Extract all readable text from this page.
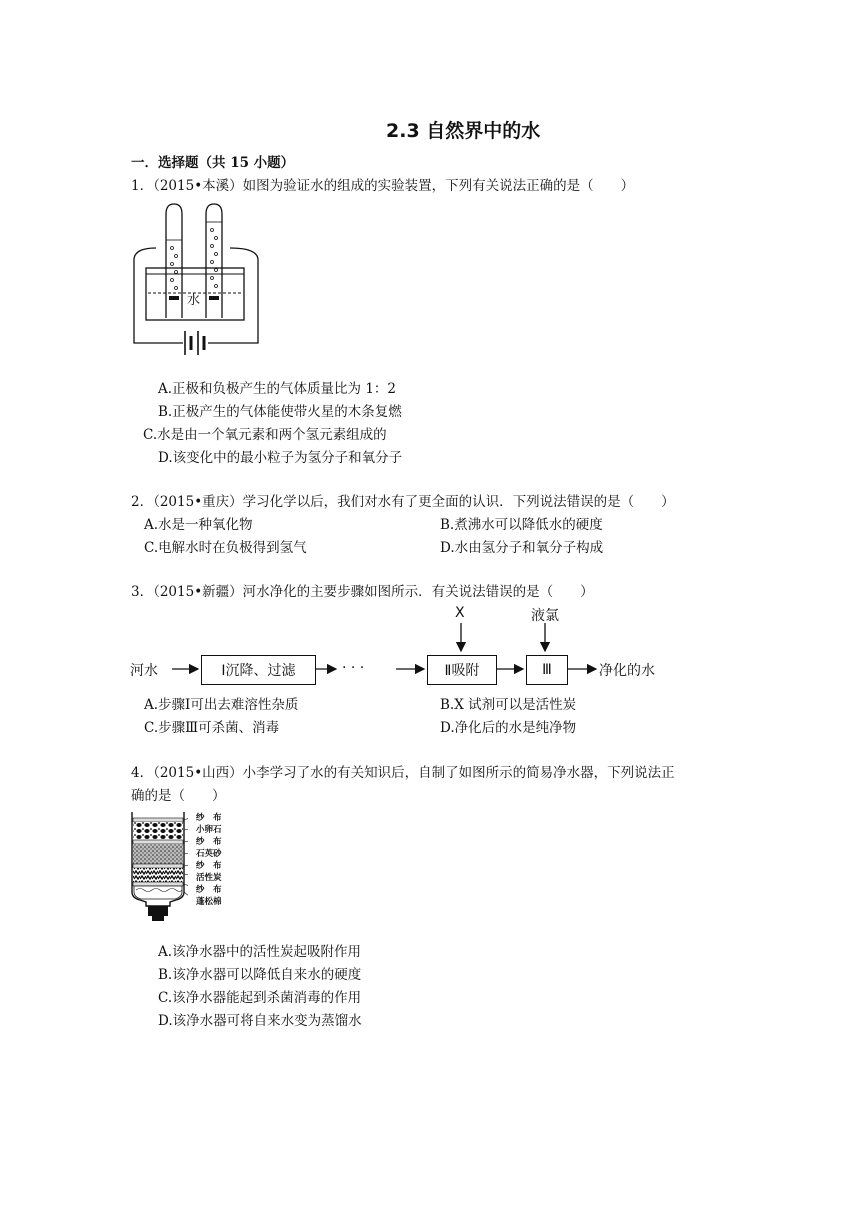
2.3 自然界中的水
一．选择题（共 15 小题）
1．（2015•本溪）如图为验证水的组成的实验装置，下列有关说法正确的是（　　）
水
A.正极和负极产生的气体质量比为 1：2
B.正极产生的气体能使带火星的木条复燃
C.水是由一个氧元素和两个氢元素组成的
D.该变化中的最小粒子为氢分子和氧分子
2．（2015•重庆）学习化学以后，我们对水有了更全面的认识．下列说法错误的是（　　）
A.水是一种氧化物	B.煮沸水可以降低水的硬度
C.电解水时在负极得到氢气	D.水由氢分子和氧分子构成
3．（2015•新疆）河水净化的主要步骤如图所示．有关说法错误的是（　　）
河水	Ⅰ沉降、过滤	· · ·	Ⅱ吸附	Ⅲ	净化的水
X	液氯
A.步骤Ⅰ可出去难溶性杂质	B.X 试剂可以是活性炭
C.步骤Ⅲ可杀菌、消毒	D.净化后的水是纯净物
4．（2015•山西）小李学习了水的有关知识后，自制了如图所示的简易净水器，下列说法正
确的是（　　）
纱　布
小卵石
纱　布
石英砂
纱　布
活性炭
纱　布
蓬松棉
A.该净水器中的活性炭起吸附作用
B.该净水器可以降低自来水的硬度
C.该净水器能起到杀菌消毒的作用
D.该净水器可将自来水变为蒸馏水
